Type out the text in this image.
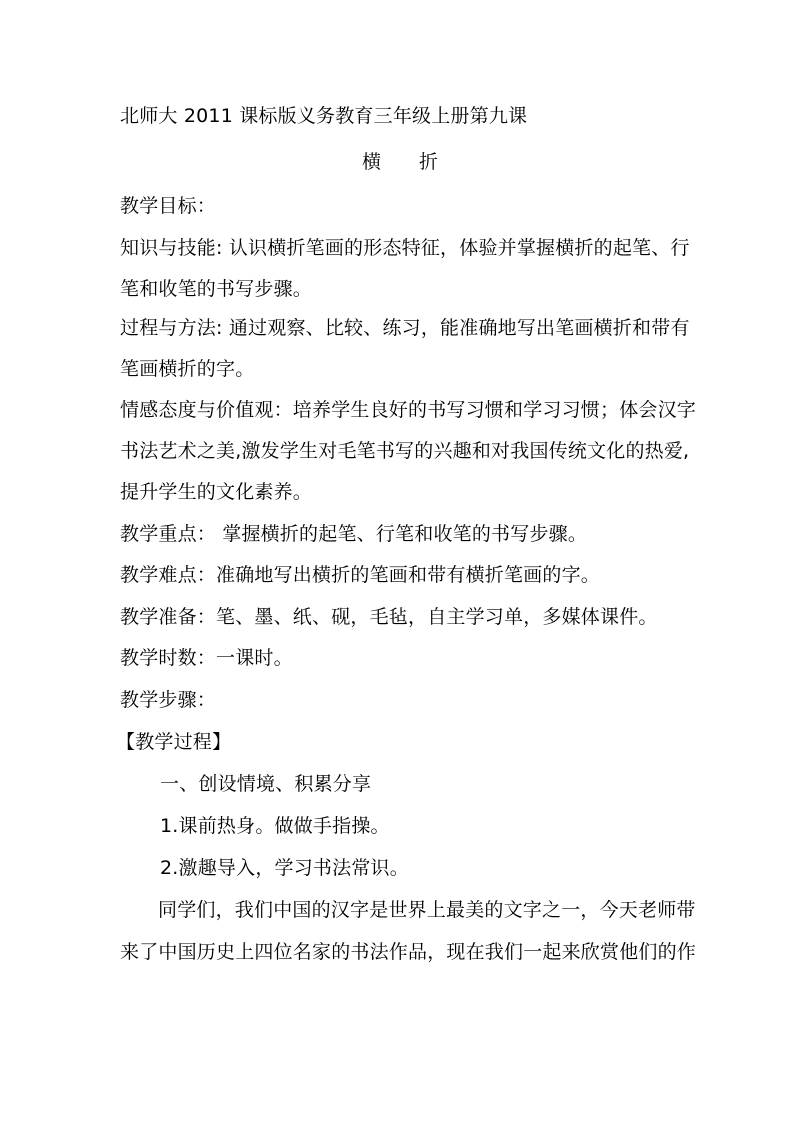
北师大 2011 课标版义务教育三年级上册第九课
横 折
教学目标：
知识与技能: 认识横折笔画的形态特征，体验并掌握横折的起笔、行
笔和收笔的书写步骤。
过程与方法: 通过观察、比较、练习，能准确地写出笔画横折和带有
笔画横折的字。
情感态度与价值观：培养学生良好的书写习惯和学习习惯；体会汉字
书法艺术之美,激发学生对毛笔书写的兴趣和对我国传统文化的热爱,
提升学生的文化素养。
教学重点： 掌握横折的起笔、行笔和收笔的书写步骤。
教学难点：准确地写出横折的笔画和带有横折笔画的字。
教学准备：笔、墨、纸、砚，毛毡，自主学习单，多媒体课件。
教学时数：一课时。
教学步骤：
【教学过程】
一、创设情境、积累分享
1.课前热身。做做手指操。
2.激趣导入，学习书法常识。
同学们，我们中国的汉字是世界上最美的文字之一，今天老师带
来了中国历史上四位名家的书法作品，现在我们一起来欣赏他们的作
